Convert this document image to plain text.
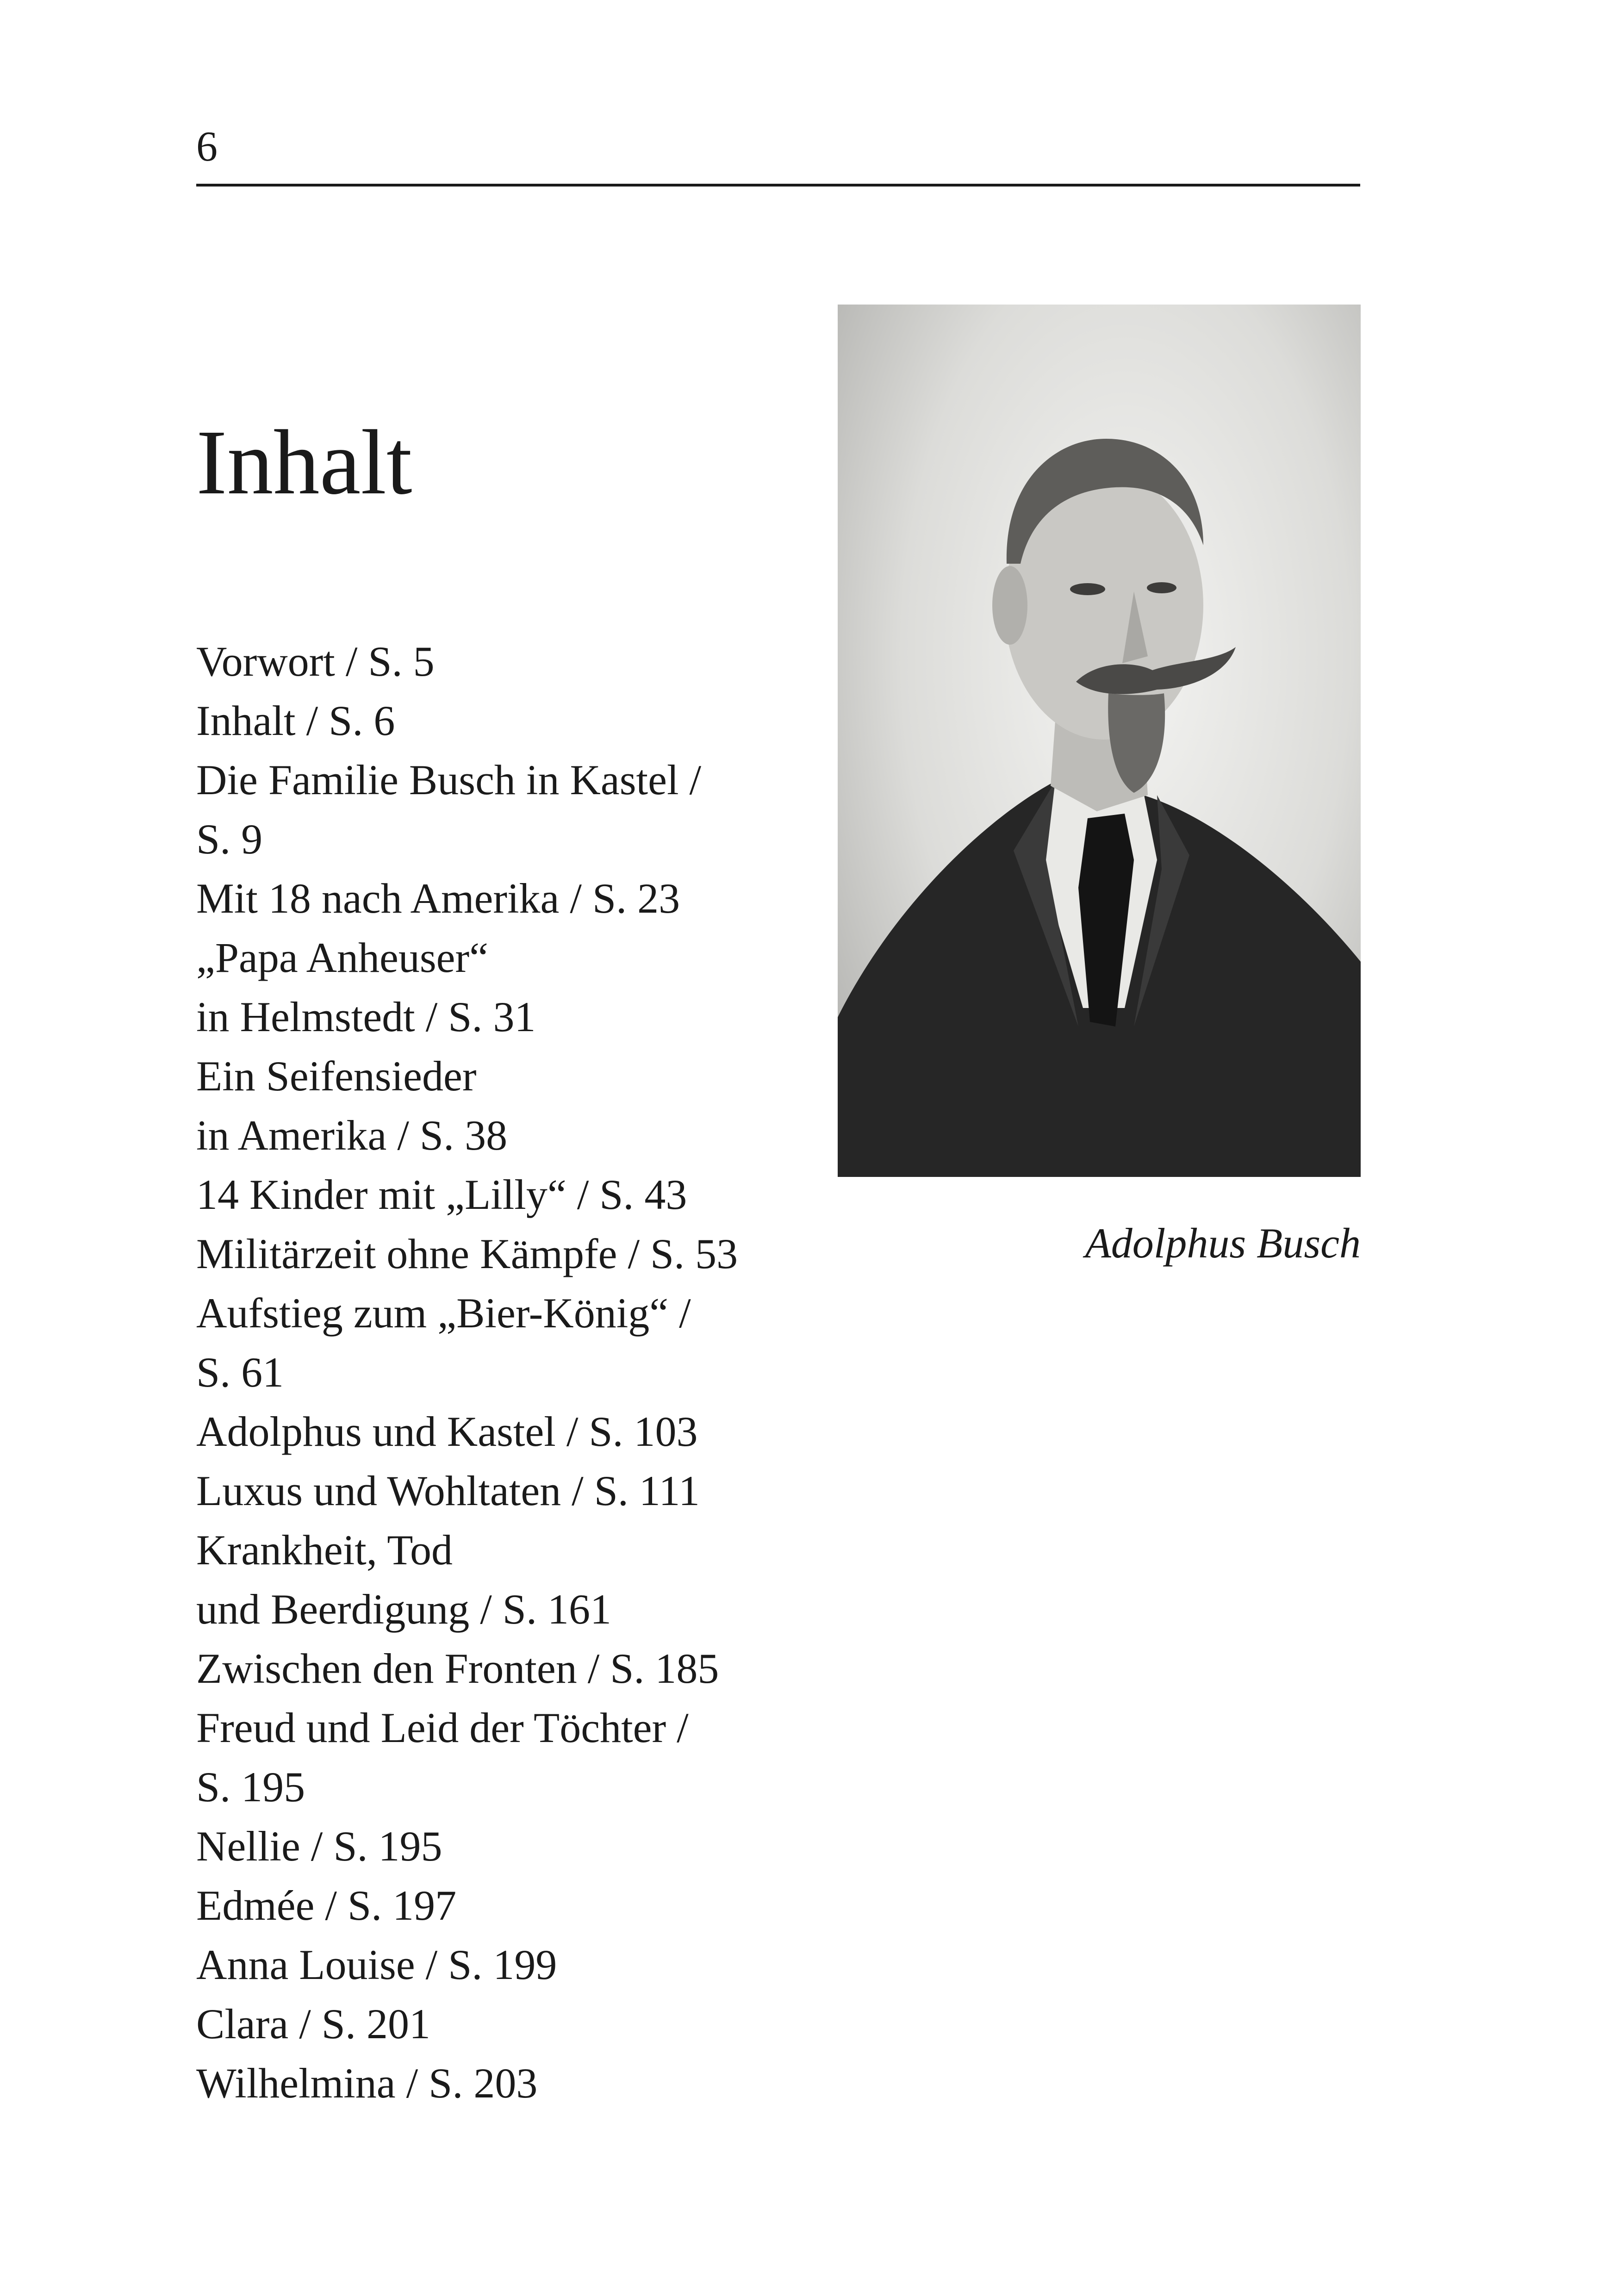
6
Inhalt
Vorwort / S. 5
Inhalt / S. 6
Die Familie Busch in Kastel /
S. 9
Mit 18 nach Amerika / S. 23
„Papa Anheuser“
in Helmstedt / S. 31
Ein Seifensieder
in Amerika / S. 38
14 Kinder mit „Lilly“ / S. 43
Militärzeit ohne Kämpfe / S. 53
Aufstieg zum „Bier-König“ /
S. 61
Adolphus und Kastel / S. 103
Luxus und Wohltaten / S. 111
Krankheit, Tod
und Beerdigung / S. 161
Zwischen den Fronten / S. 185
Freud und Leid der Töchter /
S. 195
Nellie / S. 195
Edmée / S. 197
Anna Louise / S. 199
Clara / S. 201
Wilhelmina / S. 203
Adolphus Busch
